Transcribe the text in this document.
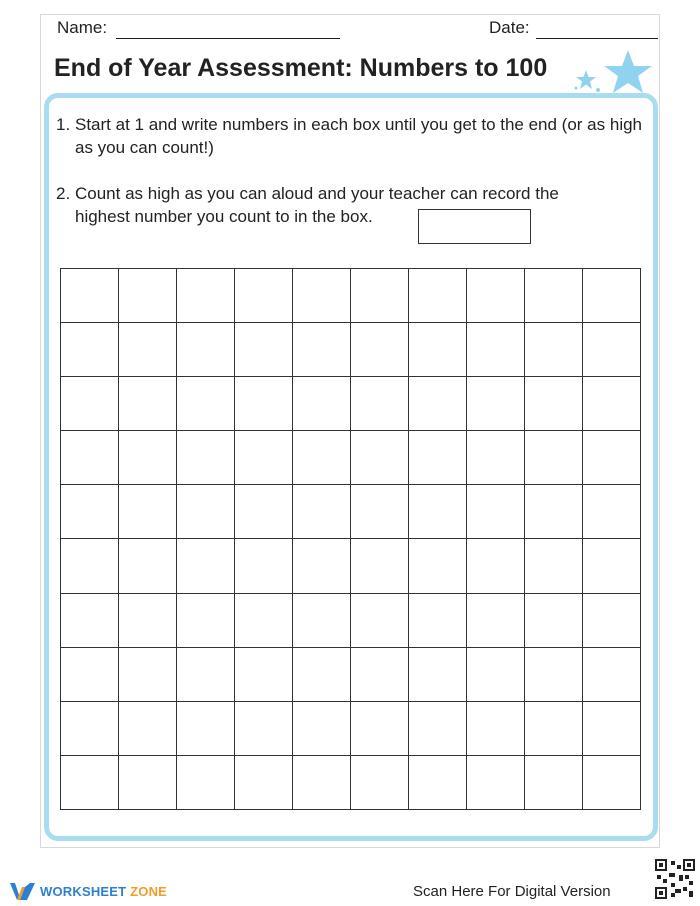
Name:	Date:
End of Year Assessment: Numbers to 100
1. Start at 1 and write numbers in each box until you get to the end (or as high as you can count!)
2. Count as high as you can aloud and your teacher can record the highest number you count to in the box.
WORKSHEET ZONE	Scan Here For Digital Version
